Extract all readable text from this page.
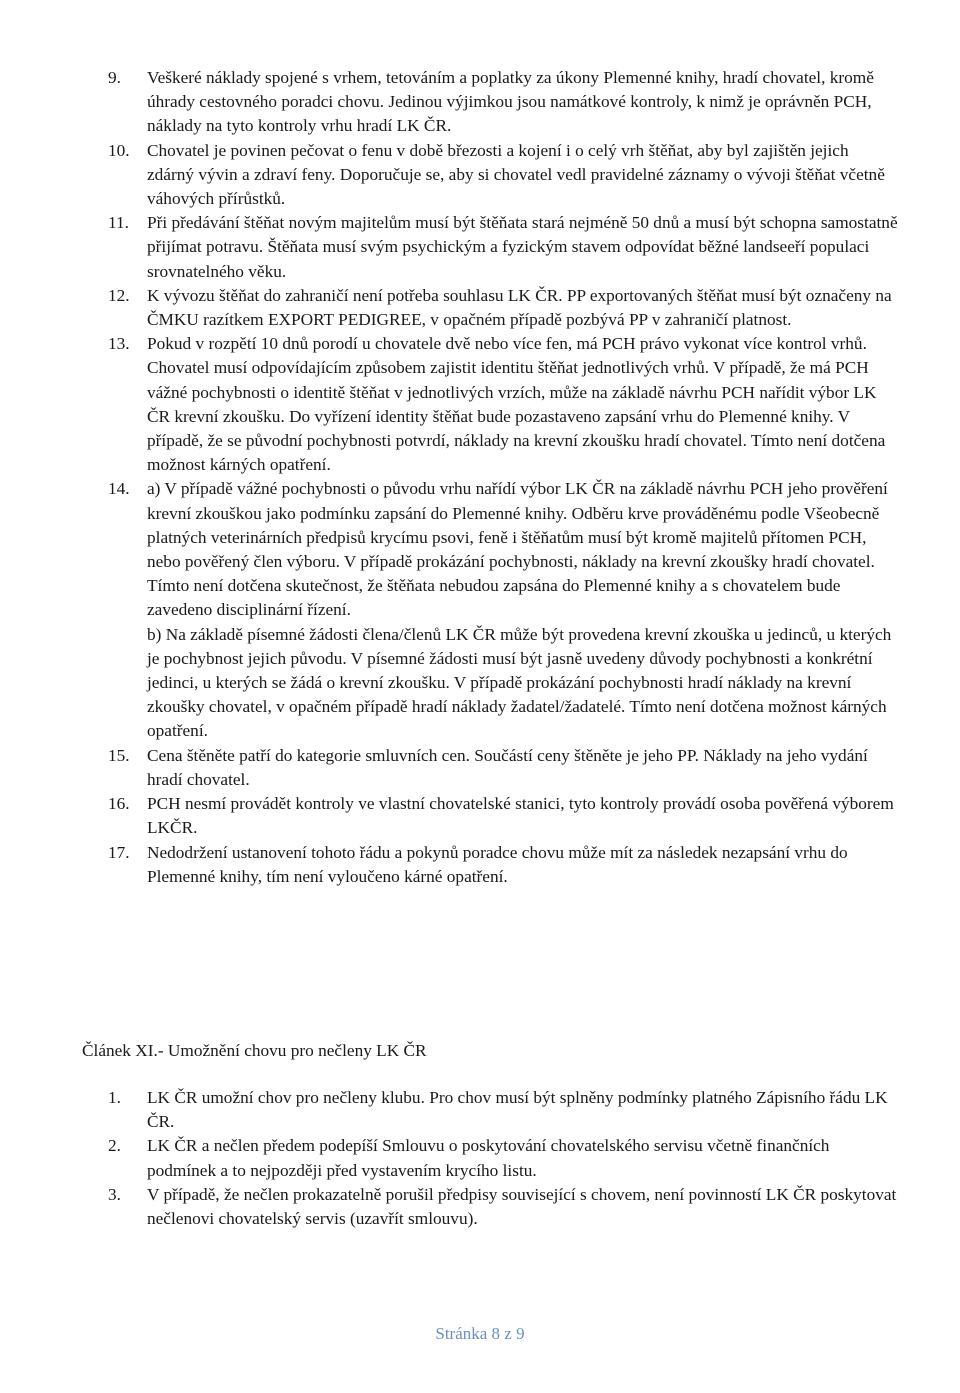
9.	Veškeré náklady spojené s vrhem, tetováním a poplatky za úkony Plemenné knihy, hradí chovatel, kromě úhrady cestovného poradci chovu. Jedinou výjimkou jsou namátkové kontroly, k nimž je oprávněn PCH, náklady na tyto kontroly vrhu hradí LK ČR.
10.	Chovatel je povinen pečovat o fenu v době březosti a kojení i o celý vrh štěňat, aby byl zajištěn jejich zdárný vývin a zdraví feny. Doporučuje se, aby si chovatel vedl pravidelné záznamy o vývoji štěňat včetně váhových přírůstků.
11.	Při předávání štěňat novým majitelům musí být štěňata stará nejméně 50 dnů a musí být schopna samostatně přijímat potravu. Štěňata musí svým psychickým a fyzickým stavem odpovídat běžné landseeří populaci srovnatelného věku.
12.	K vývozu štěňat do zahraničí není potřeba souhlasu LK ČR. PP exportovaných štěňat musí být označeny na ČMKU razítkem EXPORT PEDIGREE, v opačném případě pozbývá PP v zahraničí platnost.
13.	Pokud v rozpětí 10 dnů porodí u chovatele dvě nebo více fen, má PCH právo vykonat více kontrol vrhů. Chovatel musí odpovídajícím způsobem zajistit identitu štěňat jednotlivých vrhů. V případě, že má PCH vážné pochybnosti o identitě štěňat v jednotlivých vrzích, může na základě návrhu PCH nařídit výbor LK ČR krevní zkoušku. Do vyřízení identity štěňat bude pozastaveno zapsání vrhu do Plemenné knihy. V případě, že se původní pochybnosti potvrdí, náklady na krevní zkoušku hradí chovatel. Tímto není dotčena možnost kárných opatření.
14.	a) V případě vážné pochybnosti o původu vrhu nařídí výbor LK ČR na základě návrhu PCH jeho prověření krevní zkouškou jako podmínku zapsání do Plemenné knihy. Odběru krve prováděnému podle Všeobecně platných veterinárních předpisů krycímu psovi, feně i štěňatům musí být kromě majitelů přítomen PCH, nebo pověřený člen výboru. V případě prokázání pochybnosti, náklady na krevní zkoušky hradí chovatel. Tímto není dotčena skutečnost, že štěňata nebudou zapsána do Plemenné knihy a s chovatelem bude zavedeno disciplinární řízení.
b) Na základě písemné žádosti člena/členů LK ČR může být provedena krevní zkouška u jedinců, u kterých je pochybnost jejich původu. V písemné žádosti musí být jasně uvedeny důvody pochybnosti a konkrétní jedinci, u kterých se žádá o krevní zkoušku. V případě prokázání pochybnosti hradí náklady na krevní zkoušky chovatel, v opačném případě hradí náklady žadatel/žadatelé. Tímto není dotčena možnost kárných opatření.
15.	Cena štěněte patří do kategorie smluvních cen. Součástí ceny štěněte je jeho PP. Náklady na jeho vydání hradí chovatel.
16.	PCH nesmí provádět kontroly ve vlastní chovatelské stanici, tyto kontroly provádí osoba pověřená výborem LKČR.
17.	Nedodržení ustanovení tohoto řádu a pokynů poradce chovu může mít za následek nezapsání vrhu do Plemenné knihy, tím není vyloučeno kárné opatření.
Článek XI.- Umožnění chovu pro nečleny LK ČR
1.	LK ČR umožní chov pro nečleny klubu. Pro chov musí být splněny podmínky platného Zápisního řádu LK ČR.
2.	LK ČR a nečlen předem podepíší Smlouvu o poskytování chovatelského servisu včetně finančních podmínek a to nejpozději před vystavením krycího listu.
3.	V případě, že nečlen prokazatelně porušil předpisy související s chovem, není povinností LK ČR poskytovat nečlenovi chovatelský servis (uzavřít smlouvu).
Stránka 8 z 9
